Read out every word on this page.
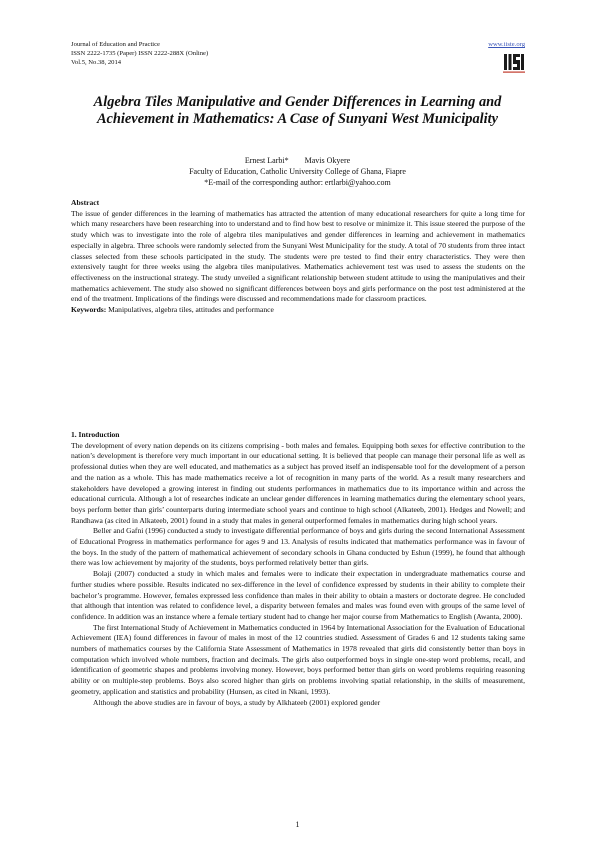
Journal of Education and Practice
ISSN 2222-1735 (Paper) ISSN 2222-288X (Online)
Vol.5, No.38, 2014
www.iiste.org
Algebra Tiles Manipulative and Gender Differences in Learning and Achievement in Mathematics: A Case of Sunyani West Municipality
Ernest Larbi* Mavis Okyere
Faculty of Education, Catholic University College of Ghana, Fiapre
*E-mail of the corresponding author: ertlarbi@yahoo.com
Abstract

The issue of gender differences in the learning of mathematics has attracted the attention of many educational researchers for quite a long time for which many researchers have been researching into to understand and to find how best to resolve or minimize it. This issue steered the purpose of the study which was to investigate into the role of algebra tiles manipulatives and gender differences in learning and achievement in mathematics especially in algebra. Three schools were randomly selected from the Sunyani West Municipality for the study. A total of 70 students from three intact classes selected from these schools participated in the study. The students were pre tested to find their entry characteristics. They were then extensively taught for three weeks using the algebra tiles manipulatives. Mathematics achievement test was used to assess the students on the effectiveness on the instructional strategy. The study unveiled a significant relationship between student attitude to using the manipulatives and their mathematics achievement. The study also showed no significant differences between boys and girls performance on the post test administered at the end of the treatment. Implications of the findings were discussed and recommendations made for classroom practices.

Keywords: Manipulatives, algebra tiles, attitudes and performance

1. Introduction

The development of every nation depends on its citizens comprising - both males and females. Equipping both sexes for effective contribution to the nation’s development is therefore very much important in our educational setting. It is believed that people can manage their personal life as well as professional duties when they are well educated, and mathematics as a subject has proved itself an indispensable tool for the development of a person and the nation as a whole. This has made mathematics receive a lot of recognition in many parts of the world. As a result many researchers and stakeholders have developed a growing interest in finding out students performances in mathematics due to its importance within and across the educational curricula. Although a lot of researches indicate an unclear gender differences in learning mathematics during the elementary school years, boys perform better than girls’ counterparts during intermediate school years and continue to high school (Alkateeb, 2001). Hedges and Nowell; and Randhawa (as cited in Alkateeb, 2001) found in a study that males in general outperformed females in mathematics during high school years.

Beller and Gafni (1996) conducted a study to investigate differential performance of boys and girls during the second International Assessment of Educational Progress in mathematics performance for ages 9 and 13. Analysis of results indicated that mathematics performance was in favour of the boys. In the study of the pattern of mathematical achievement of secondary schools in Ghana conducted by Eshun (1999), he found that although there was low achievement by majority of the students, boys performed relatively better than girls.

Bolaji (2007) conducted a study in which males and females were to indicate their expectation in undergraduate mathematics course and further studies where possible. Results indicated no sex-difference in the level of confidence expressed by students in their ability to complete their bachelor’s programme. However, females expressed less confidence than males in their ability to obtain a masters or doctorate degree. He concluded that although that intention was related to confidence level, a disparity between females and males was found even with groups of the same level of confidence. In addition was an instance where a female tertiary student had to change her major course from Mathematics to English (Awanta, 2000).

The first International Study of Achievement in Mathematics conducted in 1964 by International Association for the Evaluation of Educational Achievement (IEA) found differences in favour of males in most of the 12 countries studied. Assessment of Grades 6 and 12 students taking same numbers of mathematics courses by the California State Assessment of Mathematics in 1978 revealed that girls did consistently better than boys in computation which involved whole numbers, fraction and decimals. The girls also outperformed boys in single one-step word problems, recall, and identification of geometric shapes and problems involving money. However, boys performed better than girls on word problems requiring reasoning ability or on multiple-step problems. Boys also scored higher than girls on problems involving spatial relationship, in the skills of measurement, geometry, application and statistics and probability (Hunsen, as cited in Nkani, 1993).

Although the above studies are in favour of boys, a study by Alkhateeb (2001) explored gender

1
